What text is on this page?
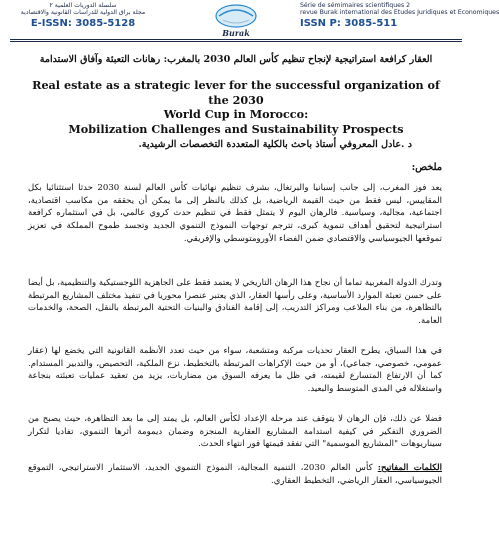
سلسلة الدوريات العلمية ٢
مجلة براق الدولية للدراسات القانونية والاقتصادية
E-ISSN: 3085-5128
Burak
Série de sémimaires scientifiques 2
revue Burak international des Etudes Juridiques et Economiques
ISSN P: 3085-511
العقار كرافعة استراتيجية لإنجاح تنظيم كأس العالم 2030 بالمغرب: رهانات التعبئة وآفاق الاستدامة
Real estate as a strategic lever for the successful organization of the 2030
World Cup in Morocco:
Mobilization Challenges and Sustainability Prospects
د .عادل المعروفي أستاذ باحث بالكلية المتعددة التخصصات الرشيدية.
ملخص:
يعد فوز المغرب، إلى جانب إسبانيا والبرتغال، بشرف تنظيم نهائيات كأس العالم لسنة 2030 حدثا استثنائيا بكل المقاييس، ليس فقط من حيث القيمة الرياضية، بل كذلك بالنظر إلى ما يمكن أن يحققه من مكاسب اقتصادية، اجتماعية، مجالية، وسياسية. فالرهان اليوم لا يتمثل فقط في تنظيم حدث كروي عالمي، بل في استثماره كرافعة استراتيجية لتحقيق أهداف تنموية كبرى، تترجم توجهات النموذج التنموي الجديد وتجسد طموح المملكة في تعزيز تموقعها الجيوسياسي والاقتصادي ضمن الفضاء الأورومتوسطي والإفريقي.
وتدرك الدولة المغربية تماما أن نجاح هذا الرهان التاريخي لا يعتمد فقط على الجاهزية اللوجستيكية والتنظيمية، بل أيضا على حسن تعبئة الموارد الأساسية، وعلى رأسها العقار، الذي يعتبر عنصرا محوريا في تنفيذ مختلف المشاريع المرتبطة بالتظاهرة، من بناء الملاعب ومراكز التدريب، إلى إقامة الفنادق والبنيات التحتية المرتبطة بالنقل، الصحة، والخدمات العامة.
في هذا السياق، يطرح العقار تحديات مركبة ومتشعبة، سواء من حيث تعدد الأنظمة القانونية التي يخضع لها (عقار عمومي، خصوصي، جماعي)، أو من حيث الإكراهات المرتبطة بالتخطيط، نزع الملكية، التحصيص، والتدبير المستدام. كما أن الارتفاع المتسارع لقيمته، في ظل ما يعرفه السوق من مضاربات، يزيد من تعقيد عمليات تعبئته بنجاعة واستغلاله في المدى المتوسط والبعيد.
فضلا عن ذلك، فإن الرهان لا يتوقف عند مرحلة الإعداد لكأس العالم، بل يمتد إلى ما بعد التظاهرة، حيث يصبح من الضروري التفكير في كيفية استدامة المشاريع العقارية المنجزة وضمان ديمومة أثرها التنموي، تفاديا لتكرار سيناريوهات "المشاريع الموسمية" التي تفقد قيمتها فور انتهاء الحدث.
الكلمات المفاتيح: كأس العالم 2030، التنمية المجالية، النموذج التنموي الجديد، الاستثمار الاستراتيجي، التموقع الجيوسياسي، العقار الرياضي، التخطيط العقاري.
